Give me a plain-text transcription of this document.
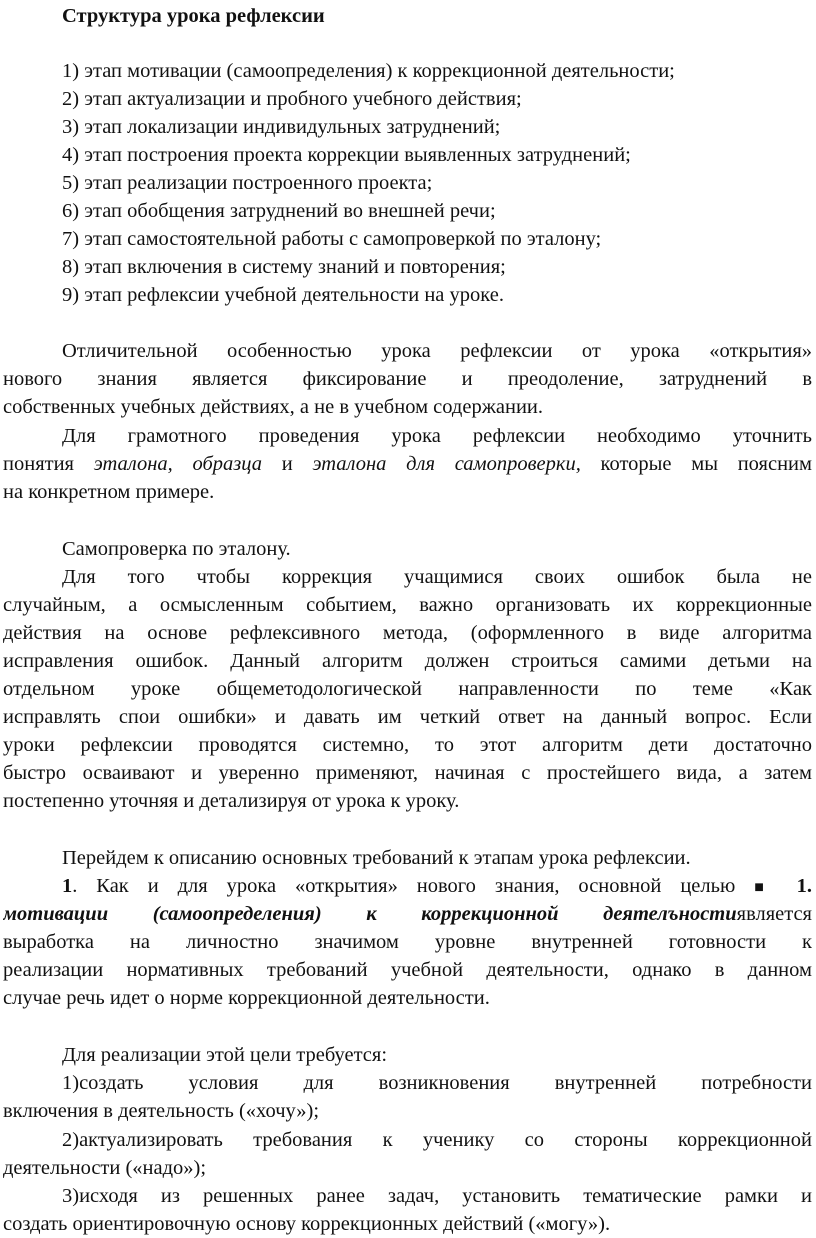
Структура урока рефлексии
1) этап мотивации (самоопределения) к коррекционной деятельности;
2) этап актуализации и пробного учебного действия;
3) этап локализации индивидульных затруднений;
4) этап построения проекта коррекции выявленных затруднений;
5) этап реализации построенного проекта;
6) этап обобщения затруднений во внешней речи;
7) этап самостоятельной работы с самопроверкой по эталону;
8) этап включения в систему знаний и повторения;
9) этап рефлексии учебной деятельности на уроке.
Отличительной особенностью урока рефлексии от урока «открытия»
нового знания является фиксирование и преодоление, затруднений в
собственных учебных действиях, а не в учебном содержании.
Для грамотного проведения урока рефлексии необходимо уточнить
понятия эталона, образца и эталона для самопроверки, которые мы поясним
на конкретном примере.
Самопроверка по эталону.
Для того чтобы коррекция учащимися своих ошибок была не
случайным, а осмысленным событием, важно организовать их коррекционные
действия на основе рефлексивного метода, (оформленного в виде алгоритма
исправления ошибок. Данный алгоритм должен строиться самими детьми на
отдельном уроке общеметодологической направленности по теме «Как
исправлять спои ошибки» и давать им четкий ответ на данный вопрос. Если
уроки рефлексии проводятся системно, то этот алгоритм дети достаточно
быстро осваивают и уверенно применяют, начиная с простейшего вида, а затем
постепенно уточняя и детализируя от урока к уроку.
Перейдем к описанию основных требований к этапам урока рефлексии.
1. Как и для урока «открытия» нового знания, основной целью ■ 1.
мотивации (самоопределения) к коррекционной деятелъностиявляется
выработка на личностно значимом уровне внутренней готовности к
реализации нормативных требований учебной деятельности, однако в данном
случае речь идет о норме коррекционной деятельности.
Для реализации этой цели требуется:
1)создать условия для возникновения внутренней потребности
включения в деятельность («хочу»);
2)актуализировать требования к ученику со стороны коррекционной
деятельности («надо»);
3)исходя из решенных ранее задач, установить тематические рамки и
создать ориентировочную основу коррекционных действий («могу»).
